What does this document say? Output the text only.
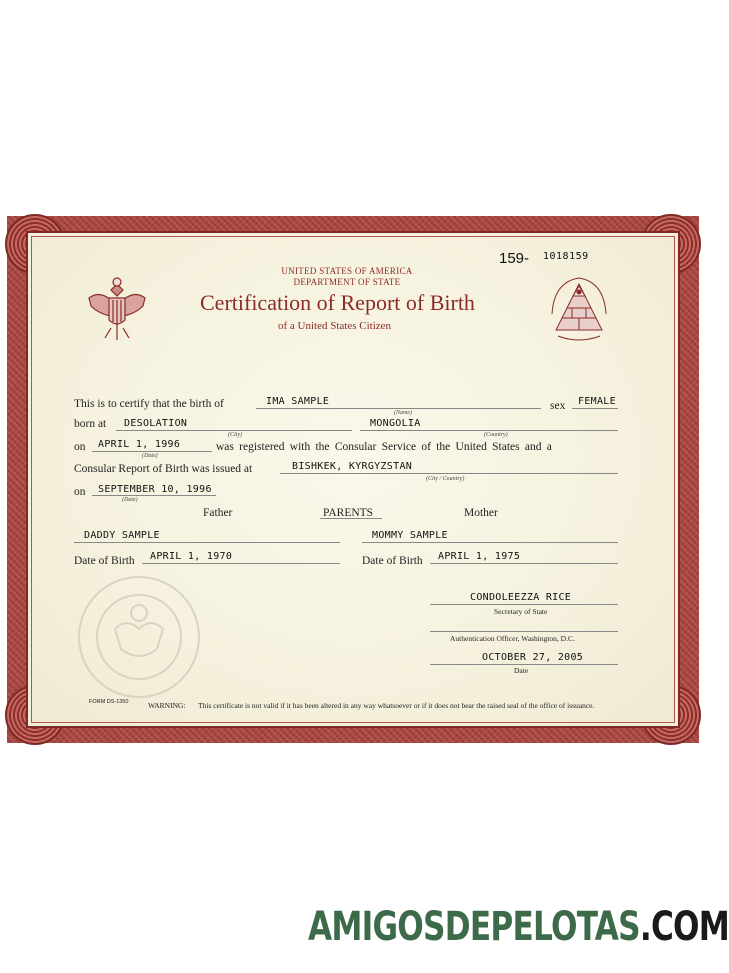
UNITED STATES OF AMERICA
DEPARTMENT OF STATE
Certification of Report of Birth
of a United States Citizen
159- 1018159
This is to certify that the birth of	IMA SAMPLE
(Name)
sex FEMALE
born at DESOLATION
(City)
MONGOLIA
(Country)
on APRIL 1, 1996
(Date)
was registered with the Consular Service of the United States and a
Consular Report of Birth was issued at	BISHKEK, KYRGYZSTAN
(City / Country)
on SEPTEMBER 10, 1996
(Date)
Father	PARENTS	Mother
DADDY SAMPLE	MOMMY SAMPLE
Date of Birth APRIL 1, 1970	Date of Birth APRIL 1, 1975
CONDOLEEZZA RICE
Secretary of State
Authentication Officer, Washington, D.C.
OCTOBER 27, 2005
Date
FORM DS-1350	WARNING: This certificate is not valid if it has been altered in any way whatsoever or if it does not bear the raised seal of the office of issuance.
AMIGOSDEPELOTAS.COM
